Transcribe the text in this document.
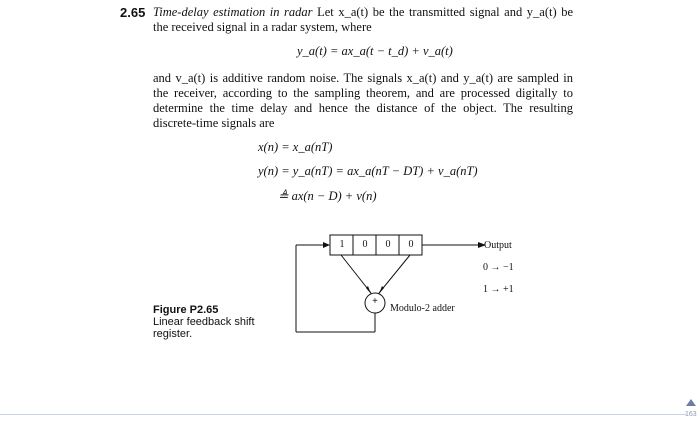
2.65 Time-delay estimation in radar Let x_a(t) be the transmitted signal and y_a(t) be the received signal in a radar system, where
y_a(t) = ax_a(t − t_d) + v_a(t)
and v_a(t) is additive random noise. The signals x_a(t) and y_a(t) are sampled in the receiver, according to the sampling theorem, and are processed digitally to determine the time delay and hence the distance of the object. The resulting discrete-time signals are
x(n) = x_a(nT)
y(n) = y_a(nT) = ax_a(nT − DT) + v_a(nT)
≜ ax(n − D) + v(n)
1	0	0	0
+
Modulo-2 adder
Output
0 → −1
1 → +1
Figure P2.65
Linear feedback shift
register.
163
